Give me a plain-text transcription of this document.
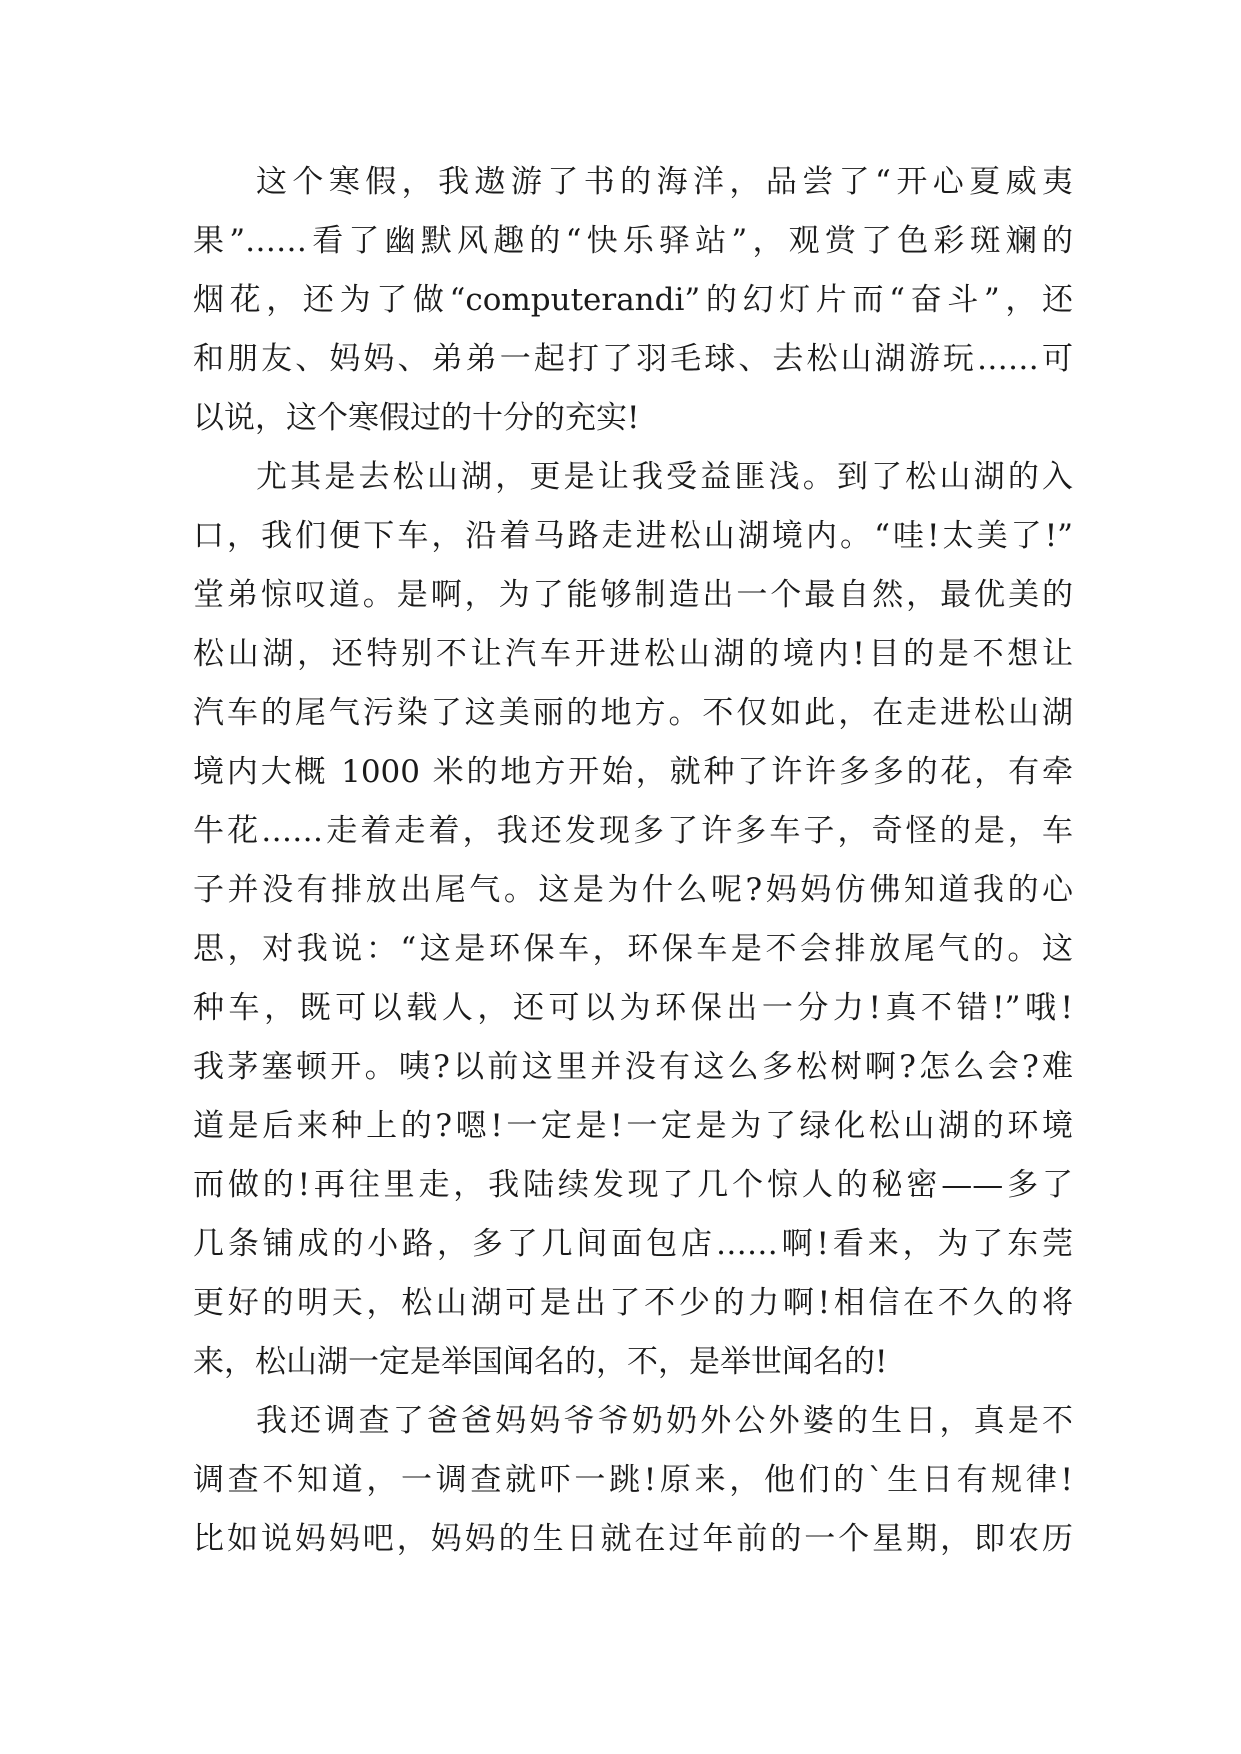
这个寒假，我遨游了书的海洋，品尝了“开心夏威夷
果”……看了幽默风趣的“快乐驿站”，观赏了色彩斑斓的
烟花，还为了做“computerandi”的幻灯片而“奋斗”，还
和朋友、妈妈、弟弟一起打了羽毛球、去松山湖游玩……可
以说，这个寒假过的十分的充实!
尤其是去松山湖，更是让我受益匪浅。到了松山湖的入
口，我们便下车，沿着马路走进松山湖境内。“哇!太美了!”
堂弟惊叹道。是啊，为了能够制造出一个最自然，最优美的
松山湖，还特别不让汽车开进松山湖的境内!目的是不想让
汽车的尾气污染了这美丽的地方。不仅如此，在走进松山湖
境内大概 1000 米的地方开始，就种了许许多多的花，有牵
牛花……走着走着，我还发现多了许多车子，奇怪的是，车
子并没有排放出尾气。这是为什么呢?妈妈仿佛知道我的心
思，对我说：“这是环保车，环保车是不会排放尾气的。这
种车，既可以载人，还可以为环保出一分力!真不错!”哦!
我茅塞顿开。咦?以前这里并没有这么多松树啊?怎么会?难
道是后来种上的?嗯!一定是!一定是为了绿化松山湖的环境
而做的!再往里走，我陆续发现了几个惊人的秘密——多了
几条铺成的小路，多了几间面包店……啊!看来，为了东莞
更好的明天，松山湖可是出了不少的力啊!相信在不久的将
来，松山湖一定是举国闻名的，不，是举世闻名的!
我还调查了爸爸妈妈爷爷奶奶外公外婆的生日，真是不
调查不知道，一调查就吓一跳!原来，他们的`生日有规律!
比如说妈妈吧，妈妈的生日就在过年前的一个星期，即农历
